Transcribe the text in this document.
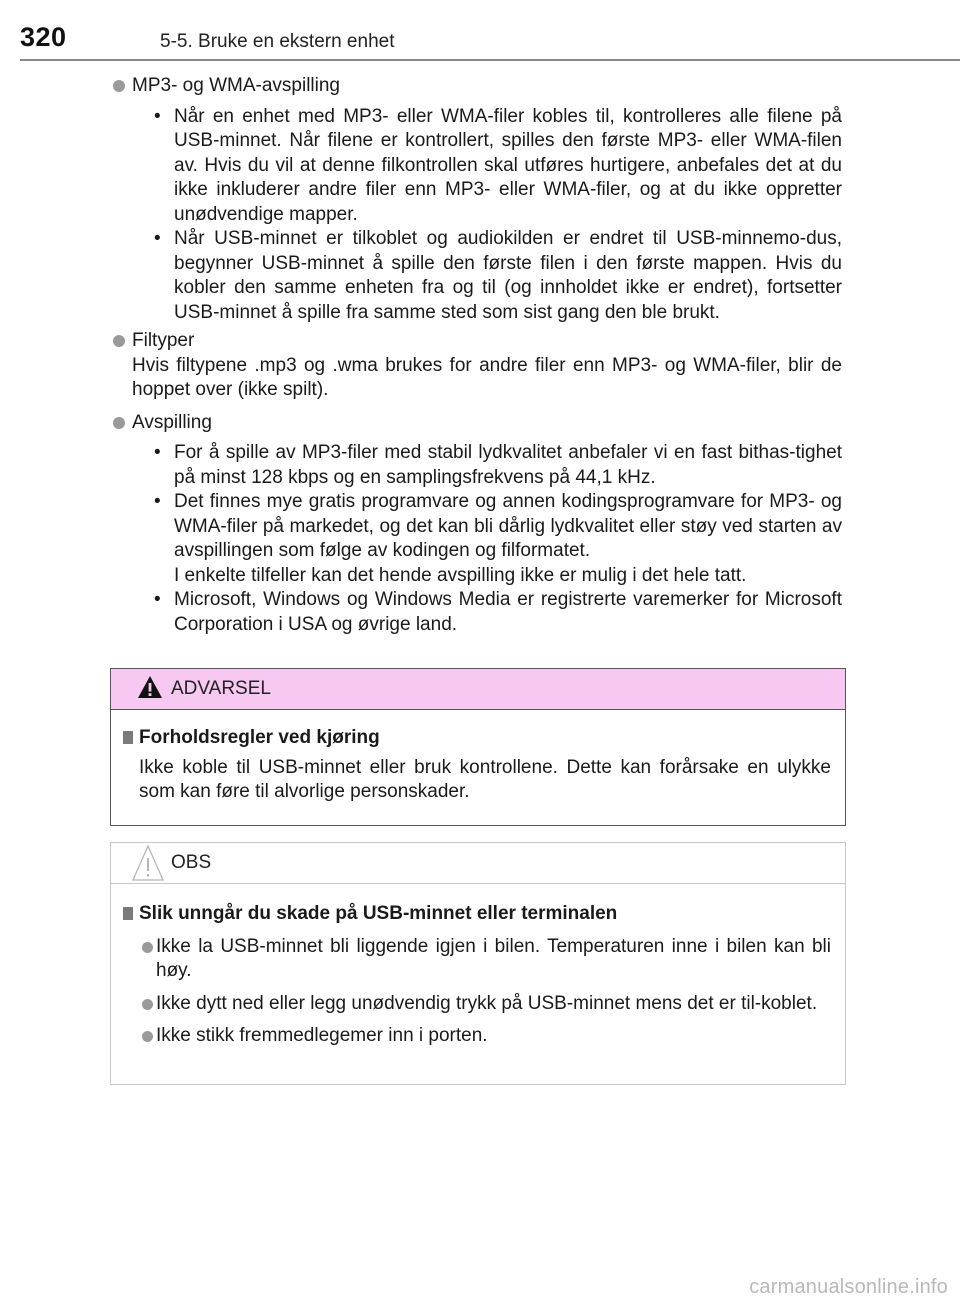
320	5-5. Bruke en ekstern enhet
MP3- og WMA-avspilling
• Når en enhet med MP3- eller WMA-filer kobles til, kontrolleres alle filene på USB-minnet. Når filene er kontrollert, spilles den første MP3- eller WMA-filen av. Hvis du vil at denne filkontrollen skal utføres hurtigere, anbefales det at du ikke inkluderer andre filer enn MP3- eller WMA-filer, og at du ikke oppretter unødvendige mapper.
• Når USB-minnet er tilkoblet og audiokilden er endret til USB-minnemo-dus, begynner USB-minnet å spille den første filen i den første mappen. Hvis du kobler den samme enheten fra og til (og innholdet ikke er endret), fortsetter USB-minnet å spille fra samme sted som sist gang den ble brukt.
Filtyper
Hvis filtypene .mp3 og .wma brukes for andre filer enn MP3- og WMA-filer, blir de hoppet over (ikke spilt).
Avspilling
• For å spille av MP3-filer med stabil lydkvalitet anbefaler vi en fast bithas-tighet på minst 128 kbps og en samplingsfrekvens på 44,1 kHz.
• Det finnes mye gratis programvare og annen kodingsprogramvare for MP3- og WMA-filer på markedet, og det kan bli dårlig lydkvalitet eller støy ved starten av avspillingen som følge av kodingen og filformatet.
I enkelte tilfeller kan det hende avspilling ikke er mulig i det hele tatt.
• Microsoft, Windows og Windows Media er registrerte varemerker for Microsoft Corporation i USA og øvrige land.
ADVARSEL
Forholdsregler ved kjøring
Ikke koble til USB-minnet eller bruk kontrollene. Dette kan forårsake en ulykke som kan føre til alvorlige personskader.
OBS
Slik unngår du skade på USB-minnet eller terminalen
Ikke la USB-minnet bli liggende igjen i bilen. Temperaturen inne i bilen kan bli høy.
Ikke dytt ned eller legg unødvendig trykk på USB-minnet mens det er til-koblet.
Ikke stikk fremmedlegemer inn i porten.
carmanualsonline.info
